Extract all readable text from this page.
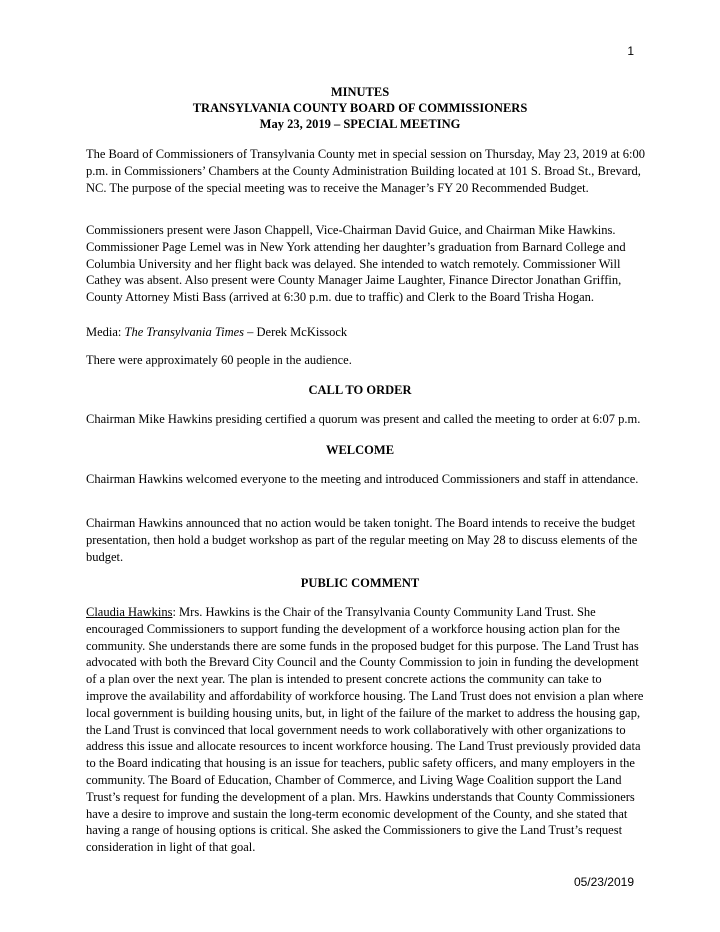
1
MINUTES
TRANSYLVANIA COUNTY BOARD OF COMMISSIONERS
May 23, 2019 – SPECIAL MEETING

The Board of Commissioners of Transylvania County met in special session on Thursday, May 23, 2019 at 6:00 p.m. in Commissioners’ Chambers at the County Administration Building located at 101 S. Broad St., Brevard, NC. The purpose of the special meeting was to receive the Manager’s FY 20 Recommended Budget.

Commissioners present were Jason Chappell, Vice-Chairman David Guice, and Chairman Mike Hawkins. Commissioner Page Lemel was in New York attending her daughter’s graduation from Barnard College and Columbia University and her flight back was delayed. She intended to watch remotely. Commissioner Will Cathey was absent. Also present were County Manager Jaime Laughter, Finance Director Jonathan Griffin, County Attorney Misti Bass (arrived at 6:30 p.m. due to traffic) and Clerk to the Board Trisha Hogan.

Media: The Transylvania Times – Derek McKissock

There were approximately 60 people in the audience.

CALL TO ORDER

Chairman Mike Hawkins presiding certified a quorum was present and called the meeting to order at 6:07 p.m.

WELCOME

Chairman Hawkins welcomed everyone to the meeting and introduced Commissioners and staff in attendance.

Chairman Hawkins announced that no action would be taken tonight. The Board intends to receive the budget presentation, then hold a budget workshop as part of the regular meeting on May 28 to discuss elements of the budget.

PUBLIC COMMENT

Claudia Hawkins: Mrs. Hawkins is the Chair of the Transylvania County Community Land Trust. She encouraged Commissioners to support funding the development of a workforce housing action plan for the community. She understands there are some funds in the proposed budget for this purpose. The Land Trust has advocated with both the Brevard City Council and the County Commission to join in funding the development of a plan over the next year. The plan is intended to present concrete actions the community can take to improve the availability and affordability of workforce housing. The Land Trust does not envision a plan where local government is building housing units, but, in light of the failure of the market to address the housing gap, the Land Trust is convinced that local government needs to work collaboratively with other organizations to address this issue and allocate resources to incent workforce housing. The Land Trust previously provided data to the Board indicating that housing is an issue for teachers, public safety officers, and many employers in the community. The Board of Education, Chamber of Commerce, and Living Wage Coalition support the Land Trust’s request for funding the development of a plan. Mrs. Hawkins understands that County Commissioners have a desire to improve and sustain the long-term economic development of the County, and she stated that having a range of housing options is critical. She asked the Commissioners to give the Land Trust’s request consideration in light of that goal.

05/23/2019
